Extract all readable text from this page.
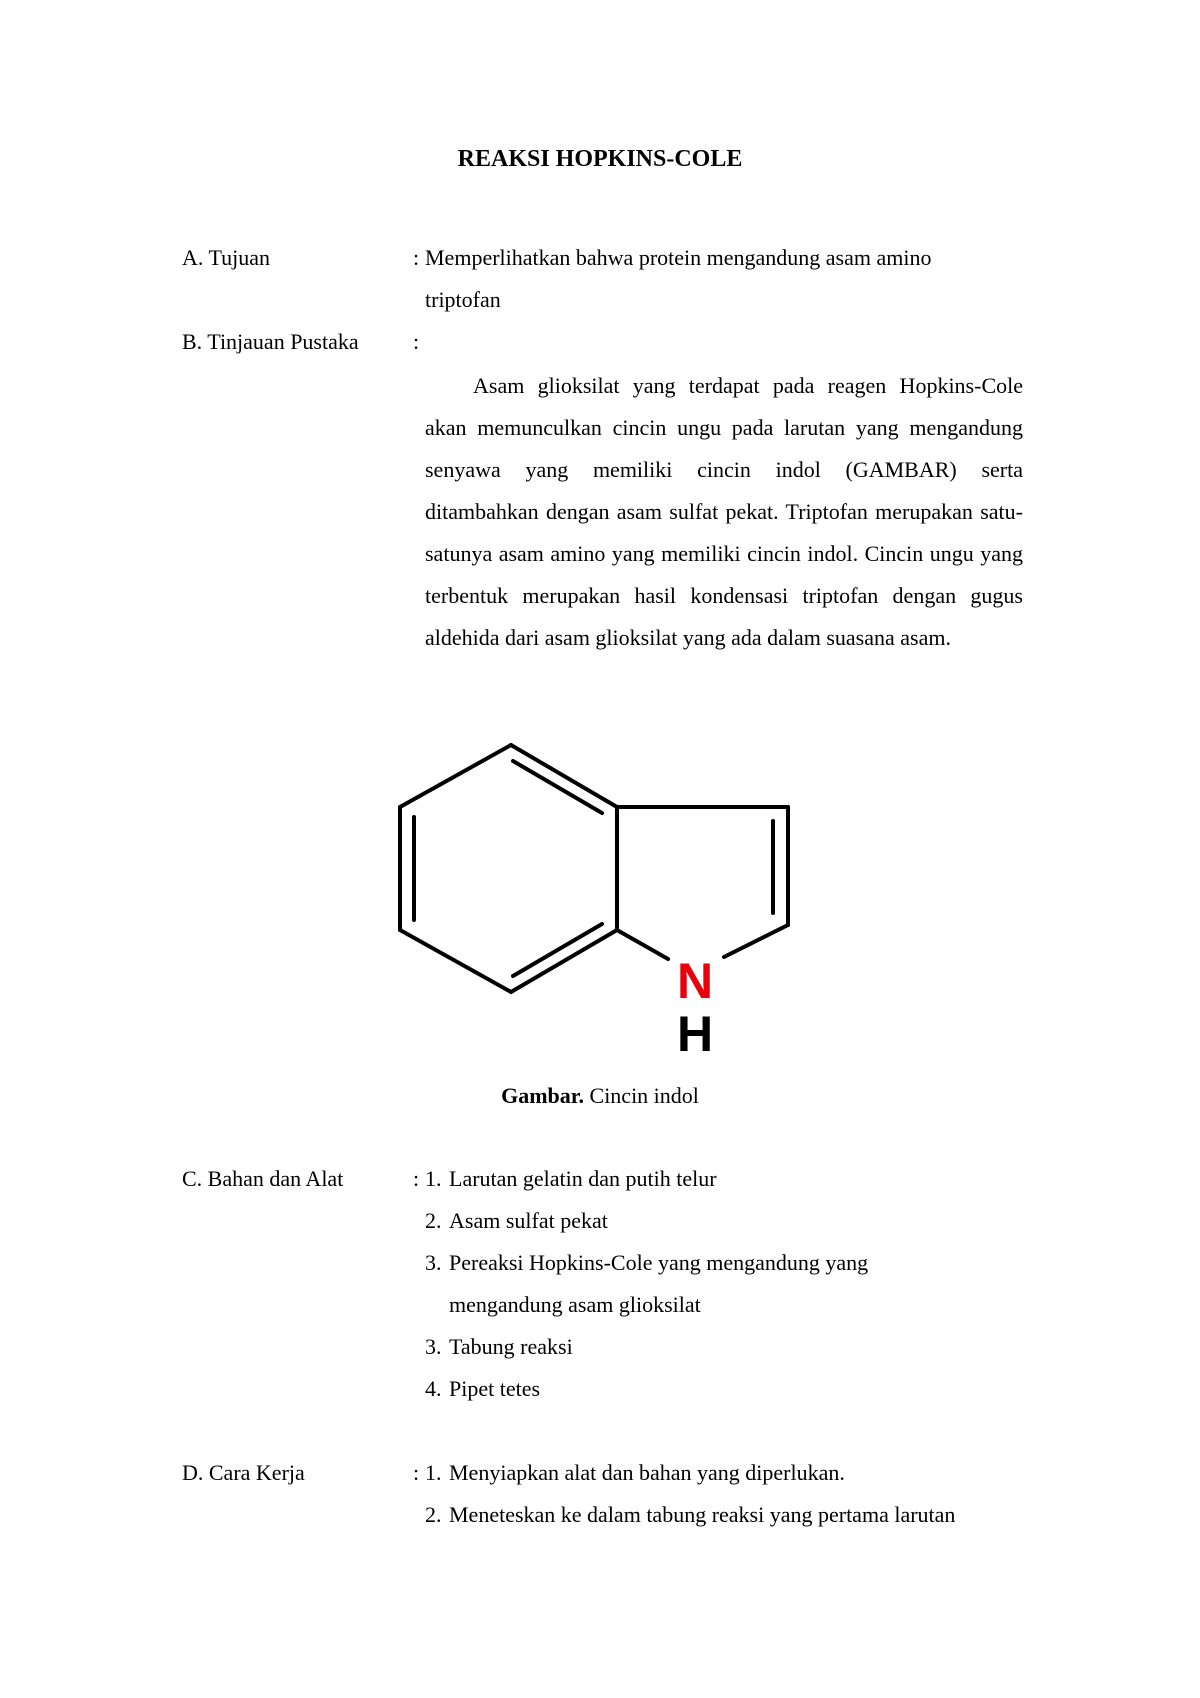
REAKSI HOPKINS-COLE
A. Tujuan	: Memperlihatkan bahwa protein mengandung asam amino
triptofan
B. Tinjauan Pustaka :

Asam glioksilat yang terdapat pada reagen Hopkins-Cole akan memunculkan cincin ungu pada larutan yang mengandung senyawa yang memiliki cincin indol (GAMBAR) serta ditambahkan dengan asam sulfat pekat. Triptofan merupakan satu-satunya asam amino yang memiliki cincin indol. Cincin ungu yang terbentuk merupakan hasil kondensasi triptofan dengan gugus aldehida dari asam glioksilat yang ada dalam suasana asam.

N
H
Gambar. Cincin indol
C. Bahan dan Alat	: 1. Larutan gelatin dan putih telur
2. Asam sulfat pekat
3. Pereaksi Hopkins-Cole yang mengandung yang
mengandung asam glioksilat
3. Tabung reaksi
4. Pipet tetes
D. Cara Kerja	: 1. Menyiapkan alat dan bahan yang diperlukan.
2. Meneteskan ke dalam tabung reaksi yang pertama larutan
